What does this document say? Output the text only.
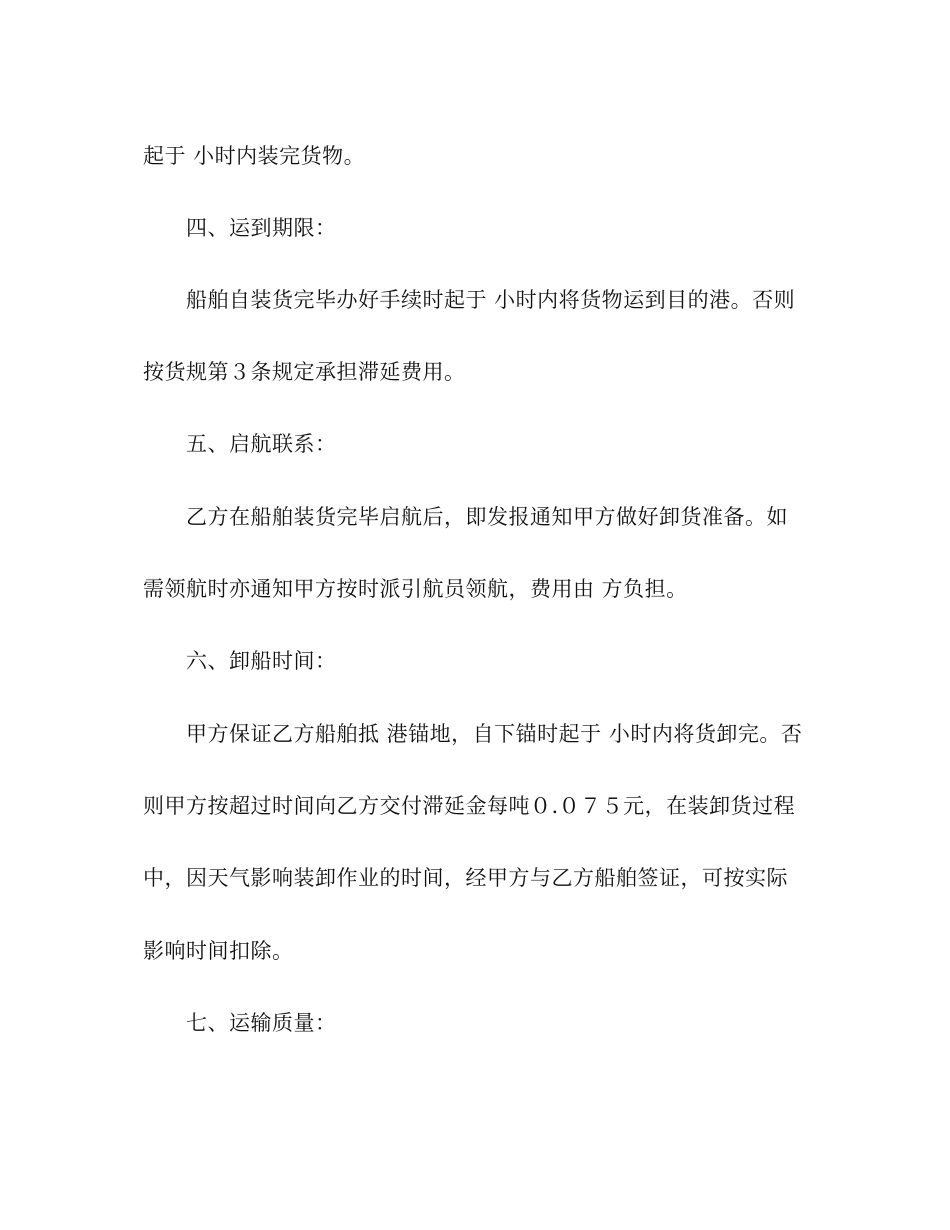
起于 小时内装完货物。
四、运到期限：
船舶自装货完毕办好手续时起于 小时内将货物运到目的港。否则
按货规第３条规定承担滞延费用。
五、启航联系：
乙方在船舶装货完毕启航后，即发报通知甲方做好卸货准备。如
需领航时亦通知甲方按时派引航员领航，费用由 方负担。
六、卸船时间：
甲方保证乙方船舶抵 港锚地，自下锚时起于 小时内将货卸完。否
则甲方按超过时间向乙方交付滞延金每吨０.０７５元，在装卸货过程
中，因天气影响装卸作业的时间，经甲方与乙方船舶签证，可按实际
影响时间扣除。
七、运输质量：
